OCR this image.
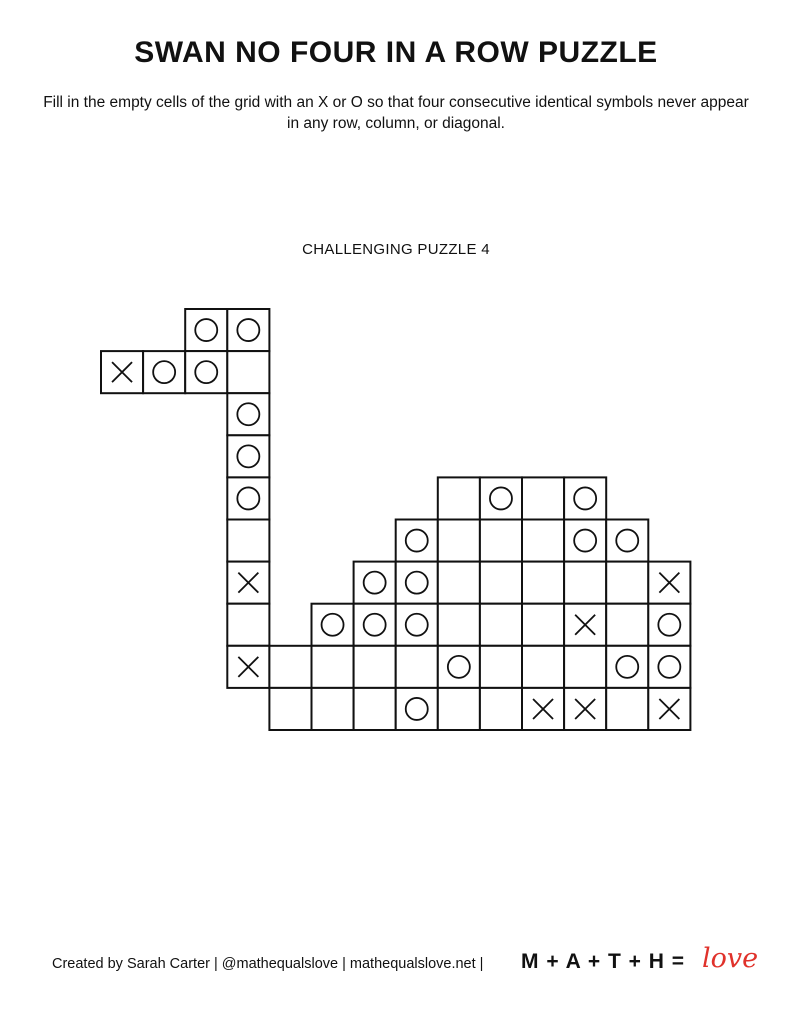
SWAN NO FOUR IN A ROW PUZZLE

Fill in the empty cells of the grid with an X or O so that four consecutive identical symbols never appear in any row, column, or diagonal.

CHALLENGING PUZZLE 4

Created by Sarah Carter | @mathequalslove | mathequalslove.net | M + A + T + H = love
